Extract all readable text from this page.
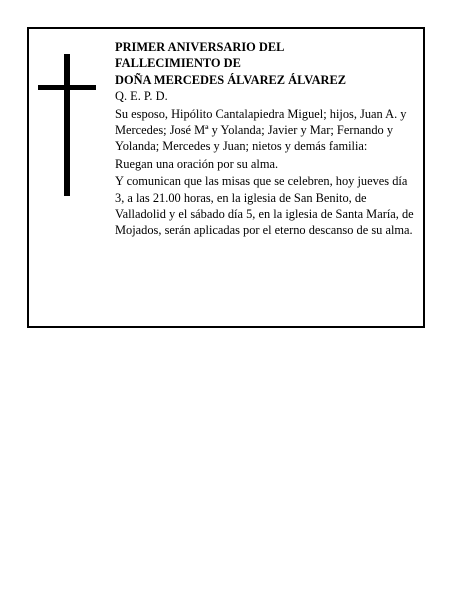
PRIMER ANIVERSARIO DEL
FALLECIMIENTO DE
DOÑA MERCEDES ÁLVAREZ ÁLVAREZ

Q. E. P. D.

Su esposo, Hipólito Cantalapiedra Miguel; hijos, Juan A. y Mercedes; José Mª y Yolanda; Javier y Mar; Fernando y Yolanda; Mercedes y Juan; nietos y demás familia:

Ruegan una oración por su alma.

Y comunican que las misas que se celebren, hoy jueves día 3, a las 21.00 horas, en la iglesia de San Benito, de Valladolid y el sábado día 5, en la iglesia de Santa María, de Mojados, serán aplicadas por el eterno descanso de su alma.
